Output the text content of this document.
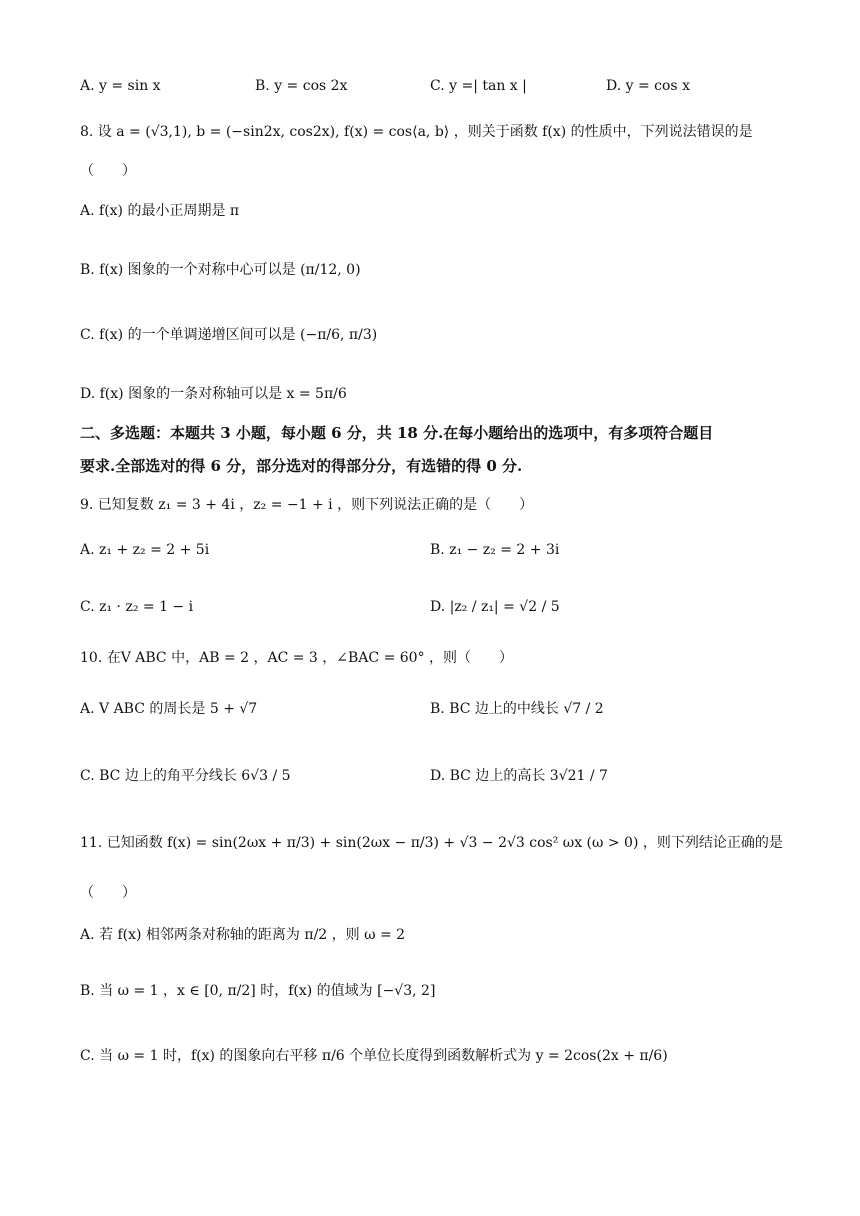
A. y = sin x	B. y = cos 2x	C. y =| tan x |	D. y = cos x
8. 设 a = (√3,1), b = (−sin2x, cos2x), f(x) = cos⟨a, b⟩ ，则关于函数 f(x) 的性质中，下列说法错误的是
（　　）
A. f(x) 的最小正周期是 π
B. f(x) 图象的一个对称中心可以是 (π/12, 0)
C. f(x) 的一个单调递增区间可以是 (−π/6, π/3)
D. f(x) 图象的一条对称轴可以是 x = 5π/6
二、多选题：本题共 3 小题，每小题 6 分，共 18 分.在每小题给出的选项中，有多项符合题目
要求.全部选对的得 6 分，部分选对的得部分分，有选错的得 0 分.
9. 已知复数 z₁ = 3 + 4i ，z₂ = −1 + i ，则下列说法正确的是（　　）
A. z₁ + z₂ = 2 + 5i	B. z₁ − z₂ = 2 + 3i
C. z₁ · z₂ = 1 − i	D. |z₂ / z₁| = √2 / 5
10. 在V ABC 中，AB = 2 ，AC = 3 ，∠BAC = 60° ，则（　　）
A. V ABC 的周长是 5 + √7	B. BC 边上的中线长 √7 / 2
C. BC 边上的角平分线长 6√3 / 5	D. BC 边上的高长 3√21 / 7
11. 已知函数 f(x) = sin(2ωx + π/3) + sin(2ωx − π/3) + √3 − 2√3 cos² ωx (ω > 0) ，则下列结论正确的是
（　　）
A. 若 f(x) 相邻两条对称轴的距离为 π/2 ，则 ω = 2
B. 当 ω = 1 ，x ∈ [0, π/2] 时，f(x) 的值域为 [−√3, 2]
C. 当 ω = 1 时，f(x) 的图象向右平移 π/6 个单位长度得到函数解析式为 y = 2cos(2x + π/6)
